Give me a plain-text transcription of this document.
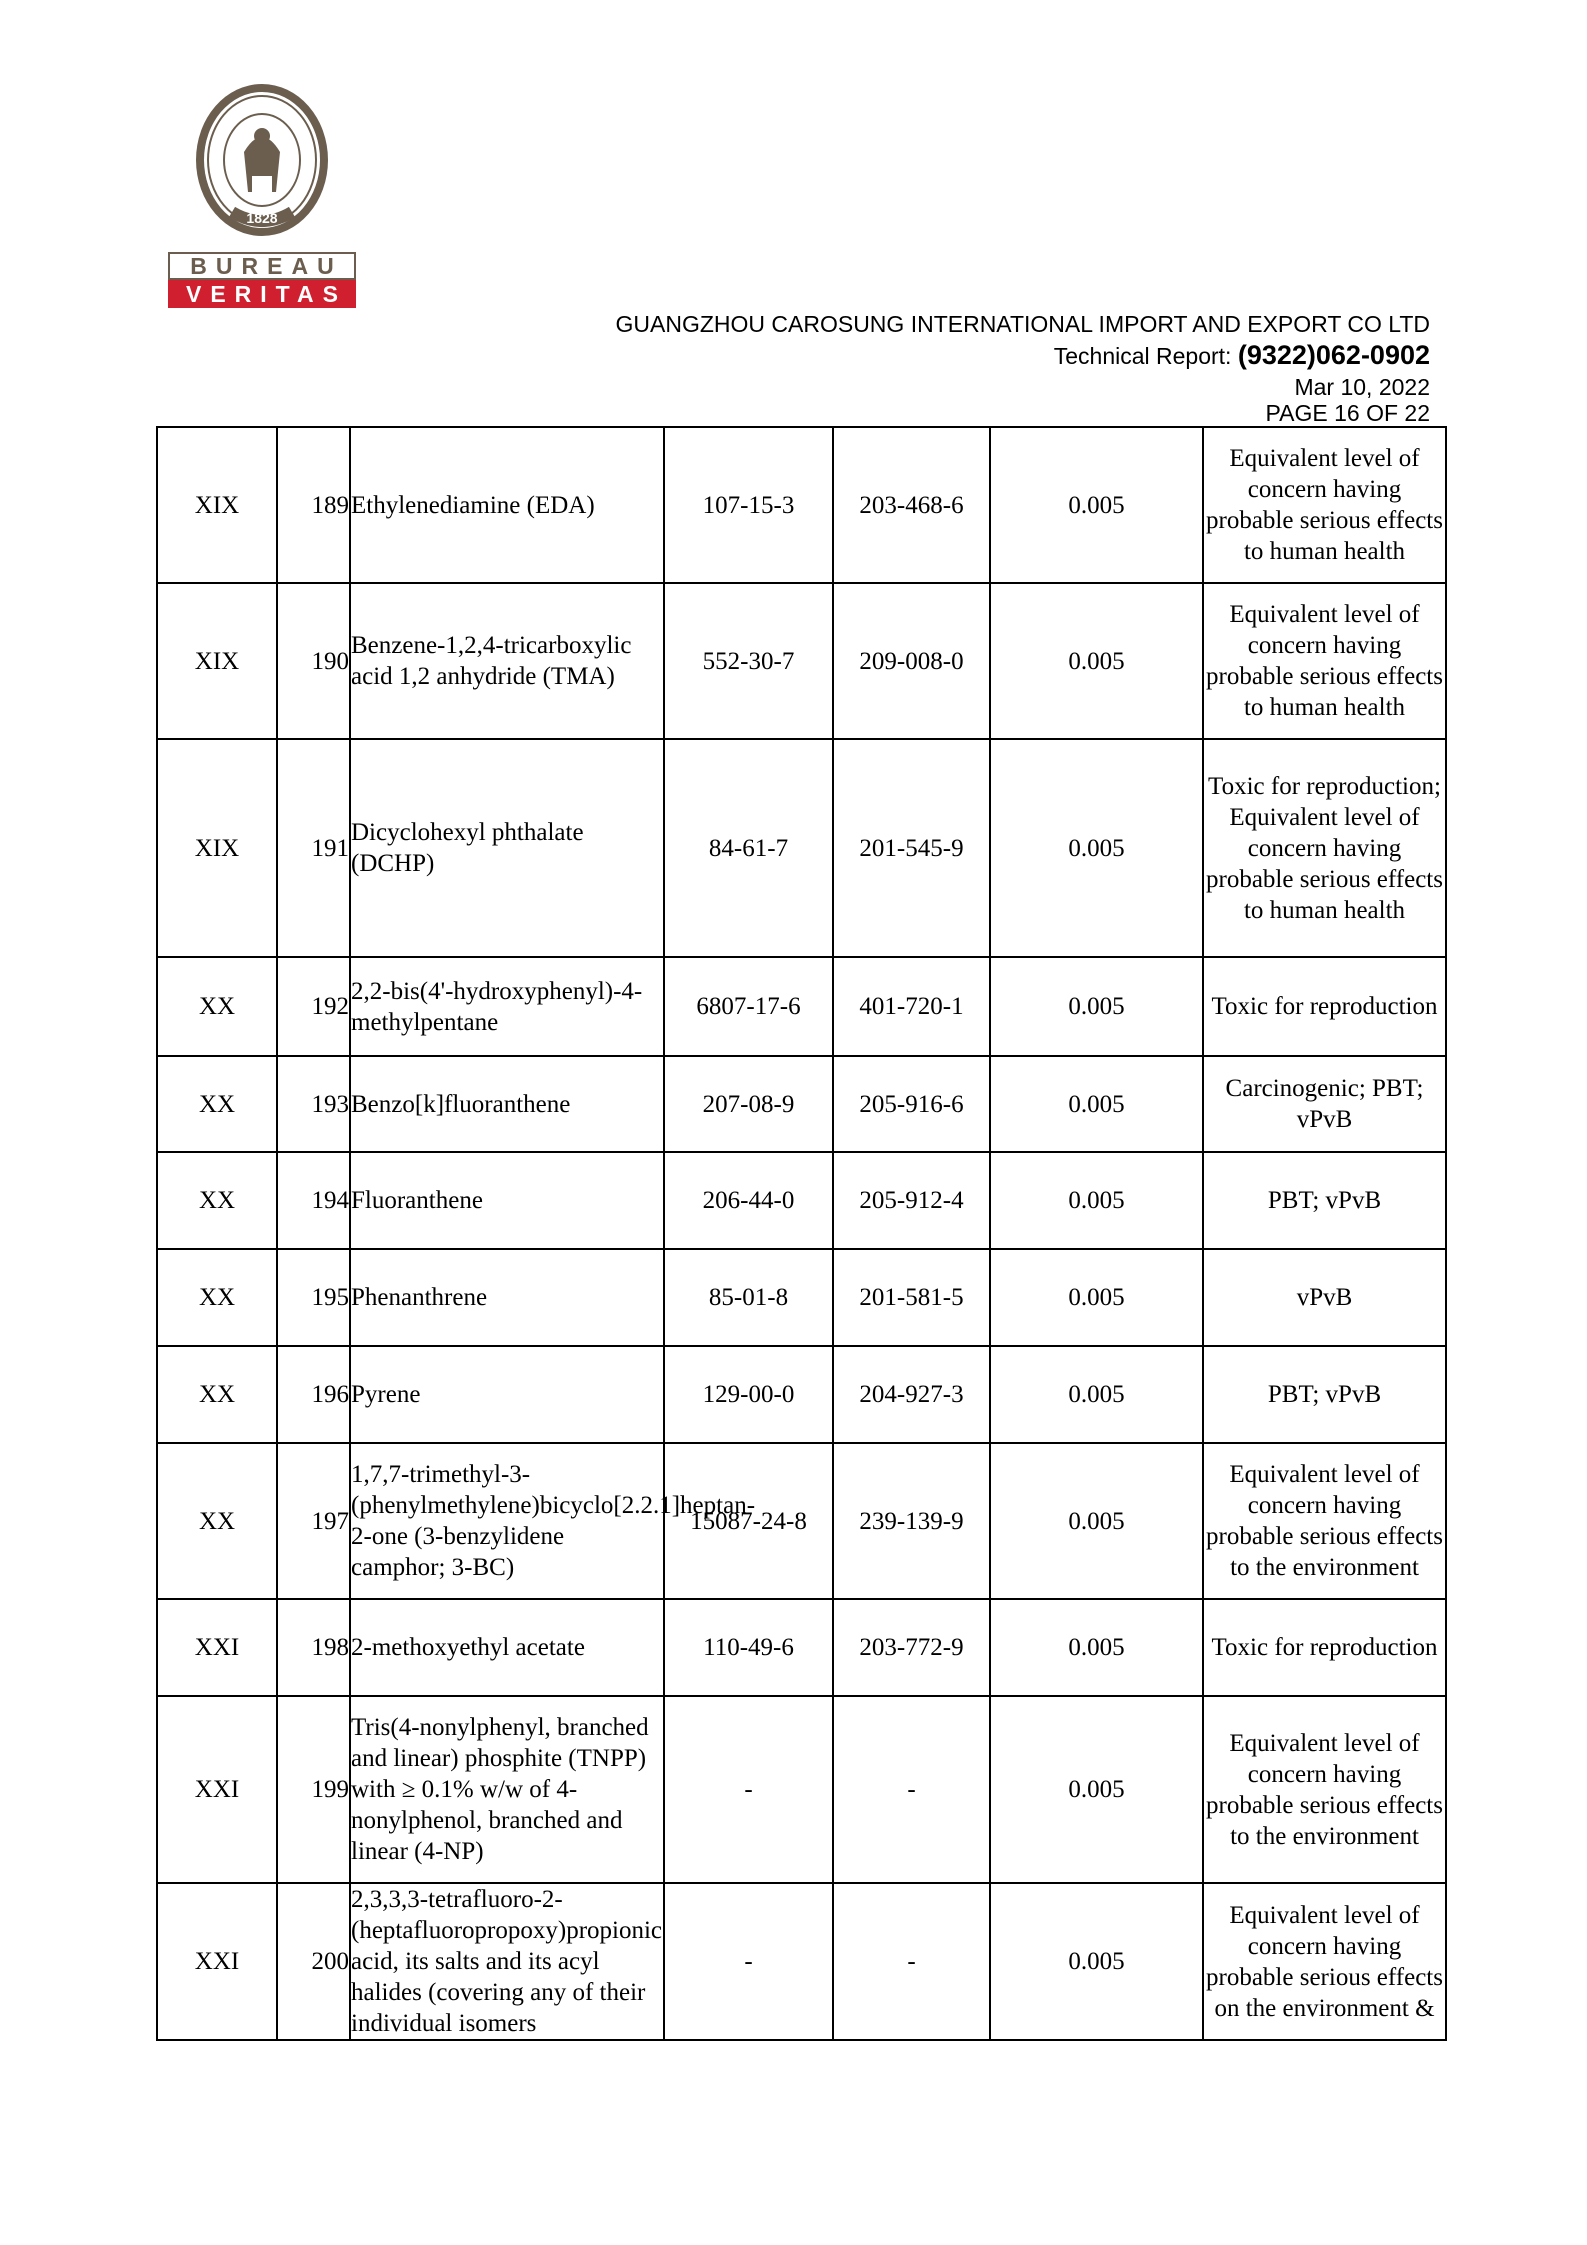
1828
BUREAU
VERITAS
GUANGZHOU CAROSUNG INTERNATIONAL IMPORT AND EXPORT CO LTD
Technical Report: (9322)062-0902
Mar 10, 2022
PAGE 16 OF 22
XIX	189	Ethylenediamine (EDA)	107-15-3	203-468-6	0.005	Equivalent level of concern having probable serious effects to human health
XIX	190	Benzene-1,2,4-tricarboxylic acid 1,2 anhydride (TMA)	552-30-7	209-008-0	0.005	Equivalent level of concern having probable serious effects to human health
XIX	191	Dicyclohexyl phthalate (DCHP)	84-61-7	201-545-9	0.005	Toxic for reproduction; Equivalent level of concern having probable serious effects to human health
XX	192	2,2-bis(4'-hydroxyphenyl)-4-methylpentane	6807-17-6	401-720-1	0.005	Toxic for reproduction
XX	193	Benzo[k]fluoranthene	207-08-9	205-916-6	0.005	Carcinogenic; PBT; vPvB
XX	194	Fluoranthene	206-44-0	205-912-4	0.005	PBT; vPvB
XX	195	Phenanthrene	85-01-8	201-581-5	0.005	vPvB
XX	196	Pyrene	129-00-0	204-927-3	0.005	PBT; vPvB
XX	197	1,7,7-trimethyl-3-(phenylmethylene)bicyclo[2.2.1]heptan-2-one (3-benzylidene camphor; 3-BC)	15087-24-8	239-139-9	0.005	Equivalent level of concern having probable serious effects to the environment
XXI	198	2-methoxyethyl acetate	110-49-6	203-772-9	0.005	Toxic for reproduction
XXI	199	Tris(4-nonylphenyl, branched and linear) phosphite (TNPP) with ≥ 0.1% w/w of 4-nonylphenol, branched and linear (4-NP)	-	-	0.005	Equivalent level of concern having probable serious effects to the environment
XXI	200	2,3,3,3-tetrafluoro-2-(heptafluoropropoxy)propionic acid, its salts and its acyl halides (covering any of their individual isomers	-	-	0.005	Equivalent level of concern having probable serious effects on the environment &
